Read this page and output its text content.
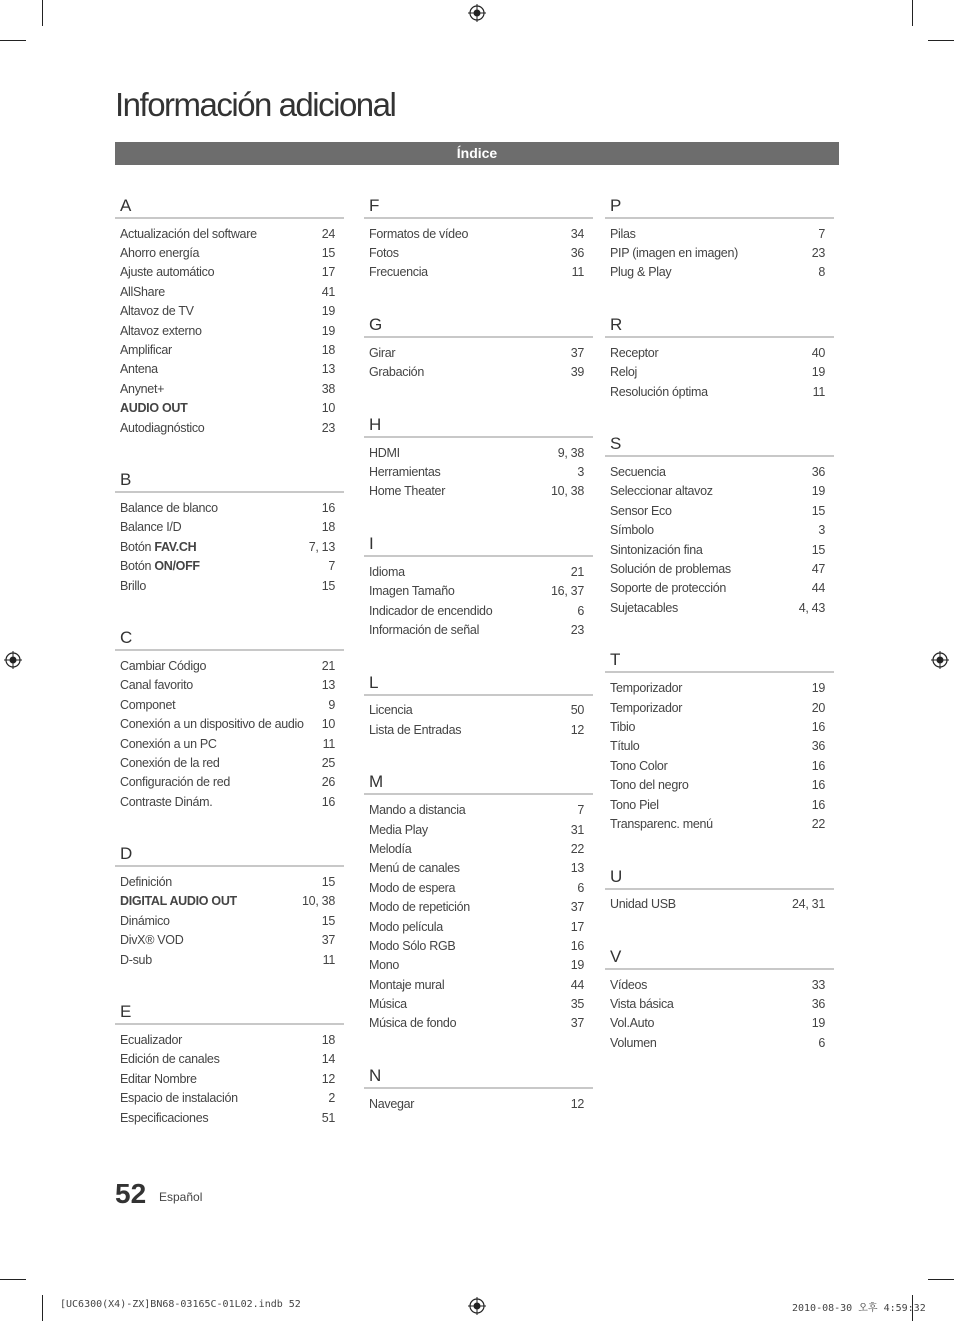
Información adicional
Índice
A
Actualización del software	24
Ahorro energía	15
Ajuste automático	17
AllShare	41
Altavoz de TV	19
Altavoz externo	19
Amplificar	18
Antena	13
Anynet+	38
AUDIO OUT	10
Autodiagnóstico	23
B
Balance de blanco	16
Balance I/D	18
Botón FAV.CH	7, 13
Botón ON/OFF	7
Brillo	15
C
Cambiar Código	21
Canal favorito	13
Componet	9
Conexión a un dispositivo de audio 10
Conexión a un PC	11
Conexión de la red	25
Configuración de red	26
Contraste Dinám.	16
D
Definición	15
DIGITAL AUDIO OUT	10, 38
Dinámico	15
DivX® VOD	37
D-sub	11
E
Ecualizador	18
Edición de canales	14
Editar Nombre	12
Espacio de instalación	2
Especificaciones	51
F
Formatos de vídeo	34
Fotos	36
Frecuencia	11
G
Girar	37
Grabación	39
H
HDMI	9, 38
Herramientas	3
Home Theater	10, 38
I
Idioma	21
Imagen Tamaño	16, 37
Indicador de encendido	6
Información de señal	23
L
Licencia	50
Lista de Entradas	12
M
Mando a distancia	7
Media Play	31
Melodía	22
Menú de canales	13
Modo de espera	6
Modo de repetición	37
Modo película	17
Modo Sólo RGB	16
Mono	19
Montaje mural	44
Música	35
Música de fondo	37
N
Navegar	12
P
Pilas	7
PIP (imagen en imagen)	23
Plug & Play	8
R
Receptor	40
Reloj	19
Resolución óptima	11
S
Secuencia	36
Seleccionar altavoz	19
Sensor Eco	15
Símbolo	3
Sintonización fina	15
Solución de problemas	47
Soporte de protección	44
Sujetacables	4, 43
T
Temporizador	19
Temporizador	20
Tibio	16
Título	36
Tono Color	16
Tono del negro	16
Tono Piel	16
Transparenc. menú	22
U
Unidad USB	24, 31
V
Vídeos	33
Vista básica	36
Vol.Auto	19
Volumen	6
52 Español
[UC6300(X4)-ZX]BN68-03165C-01L02.indb 52	2010-08-30 오후 4:59:32
